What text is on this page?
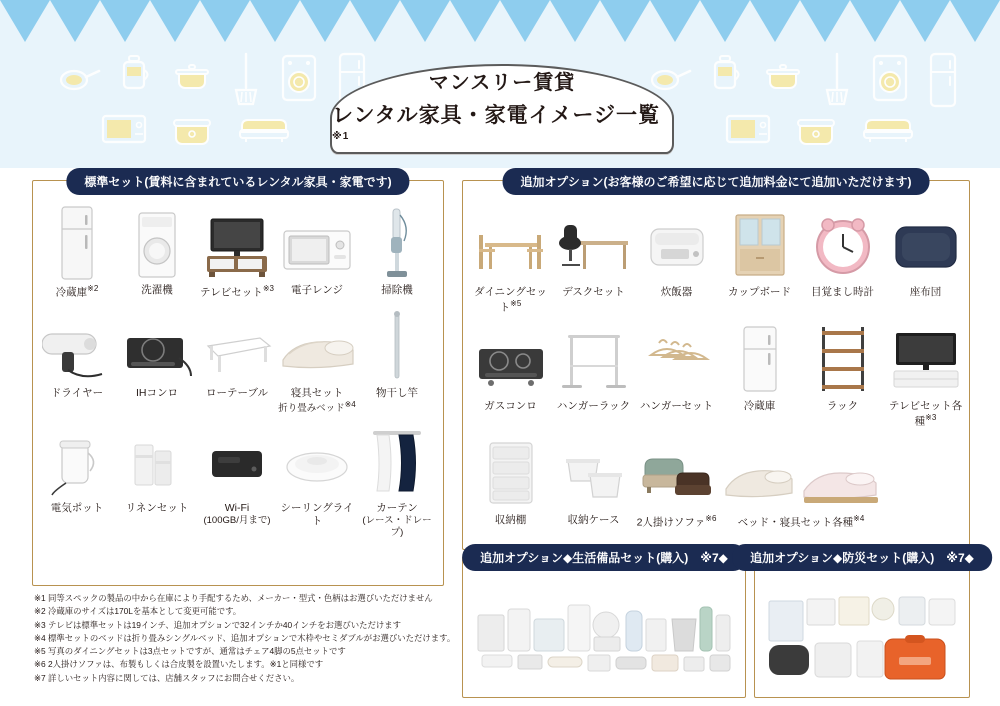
マンスリー賃貸
レンタル家具・家電イメージ一覧$^{※1}$
標準セット(賃料に含まれているレンタル家具・家電です)
冷蔵庫$^{※2}$	洗濯機	テレビセット$^{※3}$ 電子レンジ	掃除機
ドライヤー	IHコンロ	ローテーブル	寝具セット
折り畳みベッド$^{※4}$
物干し竿
電気ポット リネンセット	Wi-Fi
(100GB/月まで)
シーリングライト
カーテン
(レース・ドレープ)
追加オプション(お客様のご希望に応じて追加料金にて追加いただけます)
ダイニングセット$^{※5}$
デスクセット	炊飯器	カップボード 目覚まし時計	座布団
ガスコンロ ハンガーラック ハンガーセット	冷蔵庫	ラック	テレビセット各種$^{※3}$
収納棚	収納ケース 2人掛けソファ$^{※6}$ ベッド・寝具セット各種$^{※4}$
追加オプション◆生活備品セット(購入)　※7◆	追加オプション◆防災セット(購入)　※7◆
※1 同等スペックの製品の中から在庫により手配するため、メーカー・型式・色柄はお選びいただけません
※2 冷蔵庫のサイズは170Lを基本として変更可能です。
※3 テレビは標準セットは19インチ、追加オプションで32インチか40インチをお選びいただけます
※4 標準セットのベッドは折り畳みシングルベッド、追加オプションで木枠やセミダブルがお選びいただけます。
※5 写真のダイニングセットは3点セットですが、通常はチェア4脚の5点セットです
※6 2人掛けソファは、布製もしくは合皮製を設置いたします。※1と同様です
※7 詳しいセット内容に関しては、店舗スタッフにお問合せください。
